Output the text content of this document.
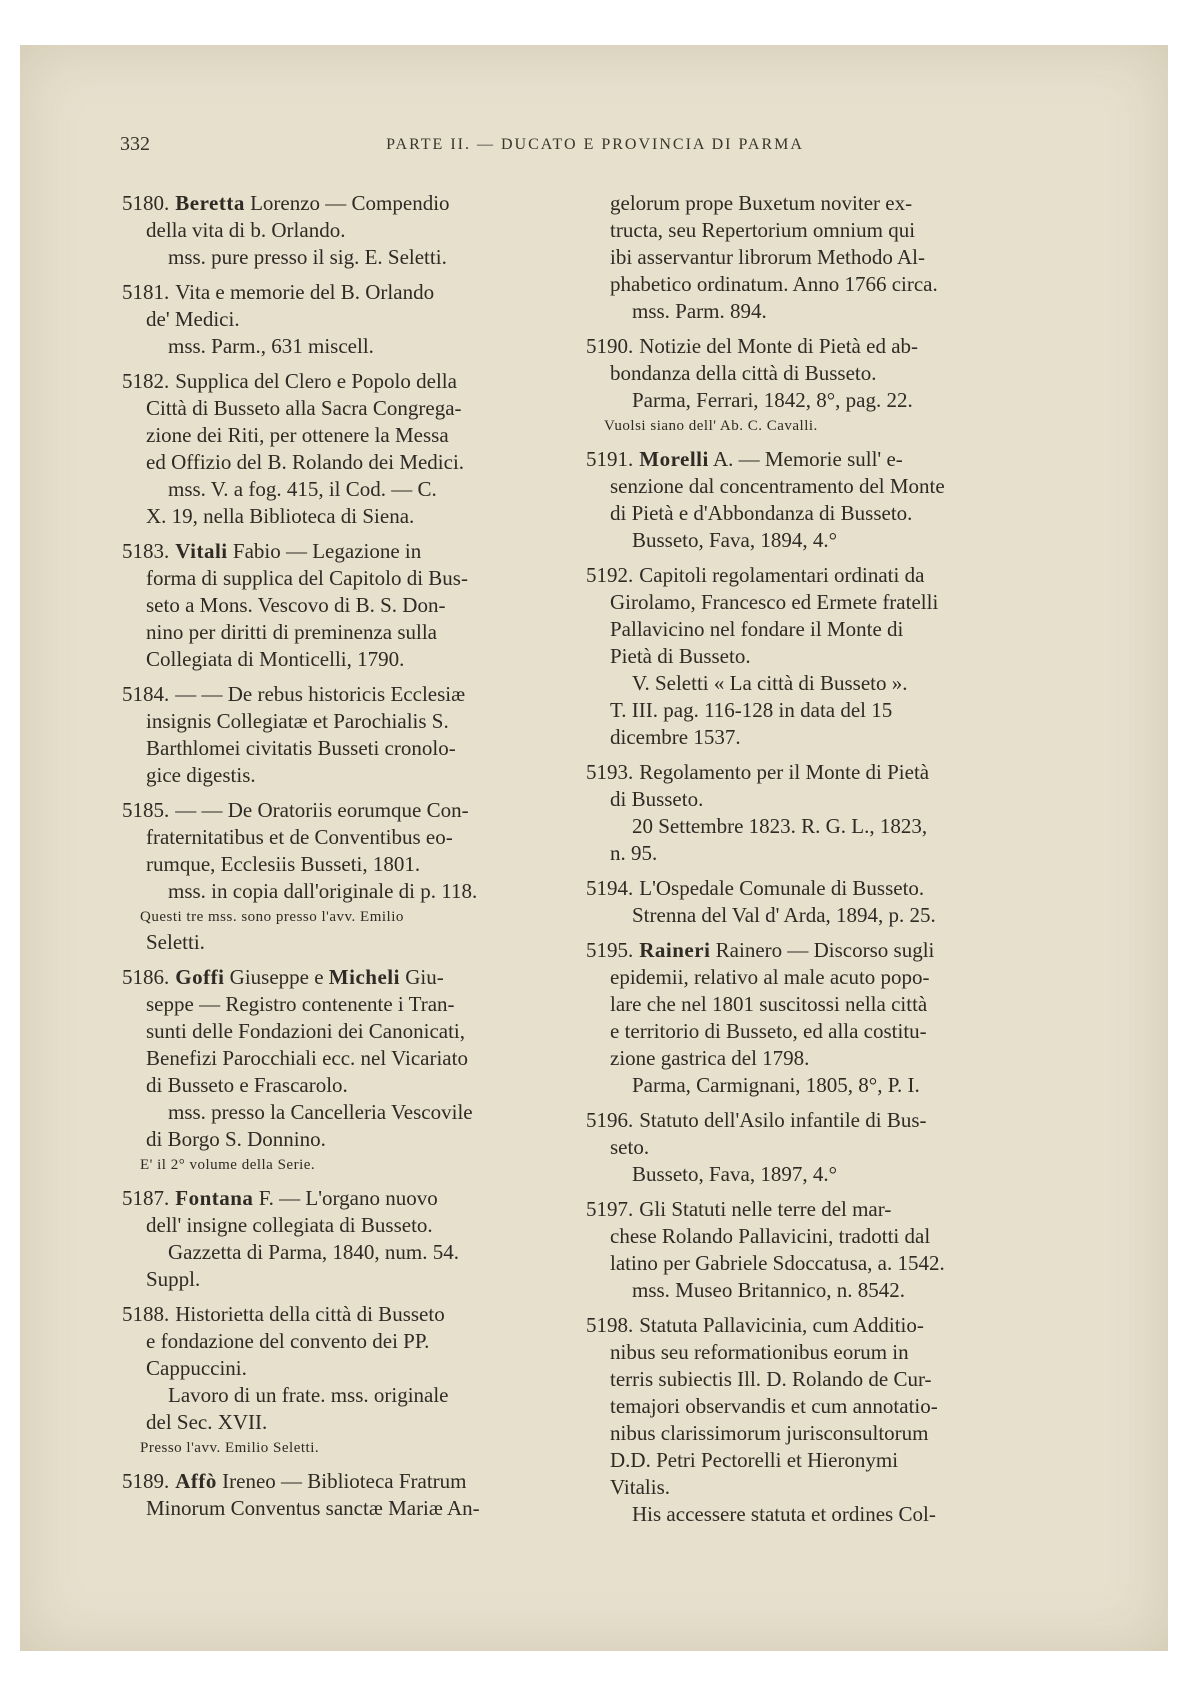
332	PARTE II. — DUCATO E PROVINCIA DI PARMA
5180. Beretta Lorenzo — Compendio
della vita di b. Orlando.
mss. pure presso il sig. E. Seletti.
5181. Vita e memorie del B. Orlando
de' Medici.
mss. Parm., 631 miscell.
5182. Supplica del Clero e Popolo della
Città di Busseto alla Sacra Congrega-
zione dei Riti, per ottenere la Messa
ed Offizio del B. Rolando dei Medici.
mss. V. a fog. 415, il Cod. — C.
X. 19, nella Biblioteca di Siena.
5183. Vitali Fabio — Legazione in
forma di supplica del Capitolo di Bus-
seto a Mons. Vescovo di B. S. Don-
nino per diritti di preminenza sulla
Collegiata di Monticelli, 1790.
5184. — — De rebus historicis Ecclesiæ
insignis Collegiatæ et Parochialis S.
Barthlomei civitatis Busseti cronolo-
gice digestis.
5185. — — De Oratoriis eorumque Con-
fraternitatibus et de Conventibus eo-
rumque, Ecclesiis Busseti, 1801.
mss. in copia dall'originale di p. 118.
Questi tre mss. sono presso l'avv. Emilio
Seletti.
5186. Goffi Giuseppe e Micheli Giu-
seppe — Registro contenente i Tran-
sunti delle Fondazioni dei Canonicati,
Benefizi Parocchiali ecc. nel Vicariato
di Busseto e Frascarolo.
mss. presso la Cancelleria Vescovile
di Borgo S. Donnino.
E' il 2° volume della Serie.
5187. Fontana F. — L'organo nuovo
dell' insigne collegiata di Busseto.
Gazzetta di Parma, 1840, num. 54.
Suppl.
5188. Historietta della città di Busseto
e fondazione del convento dei PP.
Cappuccini.
Lavoro di un frate. mss. originale
del Sec. XVII.
Presso l'avv. Emilio Seletti.
5189. Affò Ireneo — Biblioteca Fratrum
Minorum Conventus sanctæ Mariæ An-
gelorum prope Buxetum noviter ex-
tructa, seu Repertorium omnium qui
ibi asservantur librorum Methodo Al-
phabetico ordinatum. Anno 1766 circa.
mss. Parm. 894.
5190. Notizie del Monte di Pietà ed ab-
bondanza della città di Busseto.
Parma, Ferrari, 1842, 8°, pag. 22.
Vuolsi siano dell' Ab. C. Cavalli.
5191. Morelli A. — Memorie sull' e-
senzione dal concentramento del Monte
di Pietà e d'Abbondanza di Busseto.
Busseto, Fava, 1894, 4.°
5192. Capitoli regolamentari ordinati da
Girolamo, Francesco ed Ermete fratelli
Pallavicino nel fondare il Monte di
Pietà di Busseto.
V. Seletti « La città di Busseto ».
T. III. pag. 116-128 in data del 15
dicembre 1537.
5193. Regolamento per il Monte di Pietà
di Busseto.
20 Settembre 1823. R. G. L., 1823,
n. 95.
5194. L'Ospedale Comunale di Busseto.
Strenna del Val d' Arda, 1894, p. 25.
5195. Raineri Rainero — Discorso sugli
epidemii, relativo al male acuto popo-
lare che nel 1801 suscitossi nella città
e territorio di Busseto, ed alla costitu-
zione gastrica del 1798.
Parma, Carmignani, 1805, 8°, P. I.
5196. Statuto dell'Asilo infantile di Bus-
seto.
Busseto, Fava, 1897, 4.°
5197. Gli Statuti nelle terre del mar-
chese Rolando Pallavicini, tradotti dal
latino per Gabriele Sdoccatusa, a. 1542.
mss. Museo Britannico, n. 8542.
5198. Statuta Pallavicinia, cum Additio-
nibus seu reformationibus eorum in
terris subiectis Ill. D. Rolando de Cur-
temajori observandis et cum annotatio-
nibus clarissimorum jurisconsultorum
D.D. Petri Pectorelli et Hieronymi
Vitalis.
His accessere statuta et ordines Col-
